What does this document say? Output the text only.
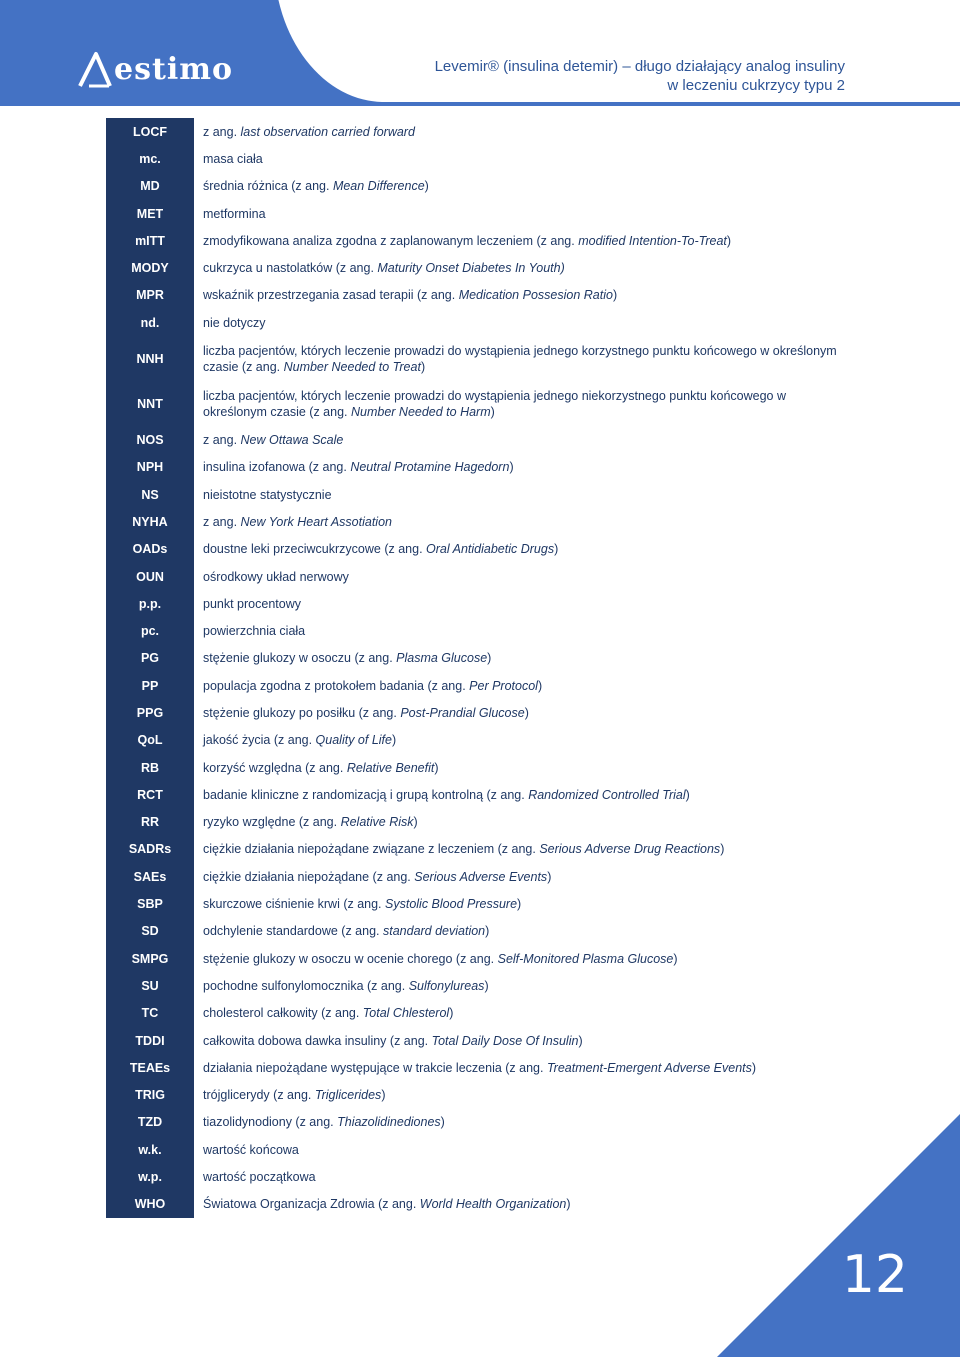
estimo	Levemir® (insulina detemir) – długo działający analog insuliny
w leczeniu cukrzycy typu 2
LOCF	z ang. last observation carried forward
mc.	masa ciała
MD	średnia różnica (z ang. Mean Difference)
MET	metformina
mITT	zmodyfikowana analiza zgodna z zaplanowanym leczeniem (z ang. modified Intention-To-Treat)
MODY	cukrzyca u nastolatków (z ang. Maturity Onset Diabetes In Youth)
MPR	wskaźnik przestrzegania zasad terapii (z ang. Medication Possesion Ratio)
nd.	nie dotyczy
NNH	liczba pacjentów, których leczenie prowadzi do wystąpienia jednego korzystnego punktu końcowego w określonym czasie (z ang. Number Needed to Treat)
NNT	liczba pacjentów, których leczenie prowadzi do wystąpienia jednego niekorzystnego punktu końcowego w określonym czasie (z ang. Number Needed to Harm)
NOS	z ang. New Ottawa Scale
NPH	insulina izofanowa (z ang. Neutral Protamine Hagedorn)
NS	nieistotne statystycznie
NYHA	z ang. New York Heart Assotiation
OADs	doustne leki przeciwcukrzycowe (z ang. Oral Antidiabetic Drugs)
OUN	ośrodkowy układ nerwowy
p.p.	punkt procentowy
pc.	powierzchnia ciała
PG	stężenie glukozy w osoczu (z ang. Plasma Glucose)
PP	populacja zgodna z protokołem badania (z ang. Per Protocol)
PPG	stężenie glukozy po posiłku (z ang. Post-Prandial Glucose)
QoL	jakość życia (z ang. Quality of Life)
RB	korzyść względna (z ang. Relative Benefit)
RCT	badanie kliniczne z randomizacją i grupą kontrolną (z ang. Randomized Controlled Trial)
RR	ryzyko względne (z ang. Relative Risk)
SADRs	ciężkie działania niepożądane związane z leczeniem (z ang. Serious Adverse Drug Reactions)
SAEs	ciężkie działania niepożądane (z ang. Serious Adverse Events)
SBP	skurczowe ciśnienie krwi (z ang. Systolic Blood Pressure)
SD	odchylenie standardowe (z ang. standard deviation)
SMPG	stężenie glukozy w osoczu w ocenie chorego (z ang. Self-Monitored Plasma Glucose)
SU	pochodne sulfonylomocznika (z ang. Sulfonylureas)
TC	cholesterol całkowity (z ang. Total Chlesterol)
TDDI	całkowita dobowa dawka insuliny (z ang. Total Daily Dose Of Insulin)
TEAEs	działania niepożądane występujące w trakcie leczenia (z ang. Treatment-Emergent Adverse Events)
TRIG	trójglicerydy (z ang. Triglicerides)
TZD	tiazolidynodiony (z ang. Thiazolidinediones)
w.k.	wartość końcowa
w.p.	wartość początkowa
WHO	Światowa Organizacja Zdrowia (z ang. World Health Organization)
12
